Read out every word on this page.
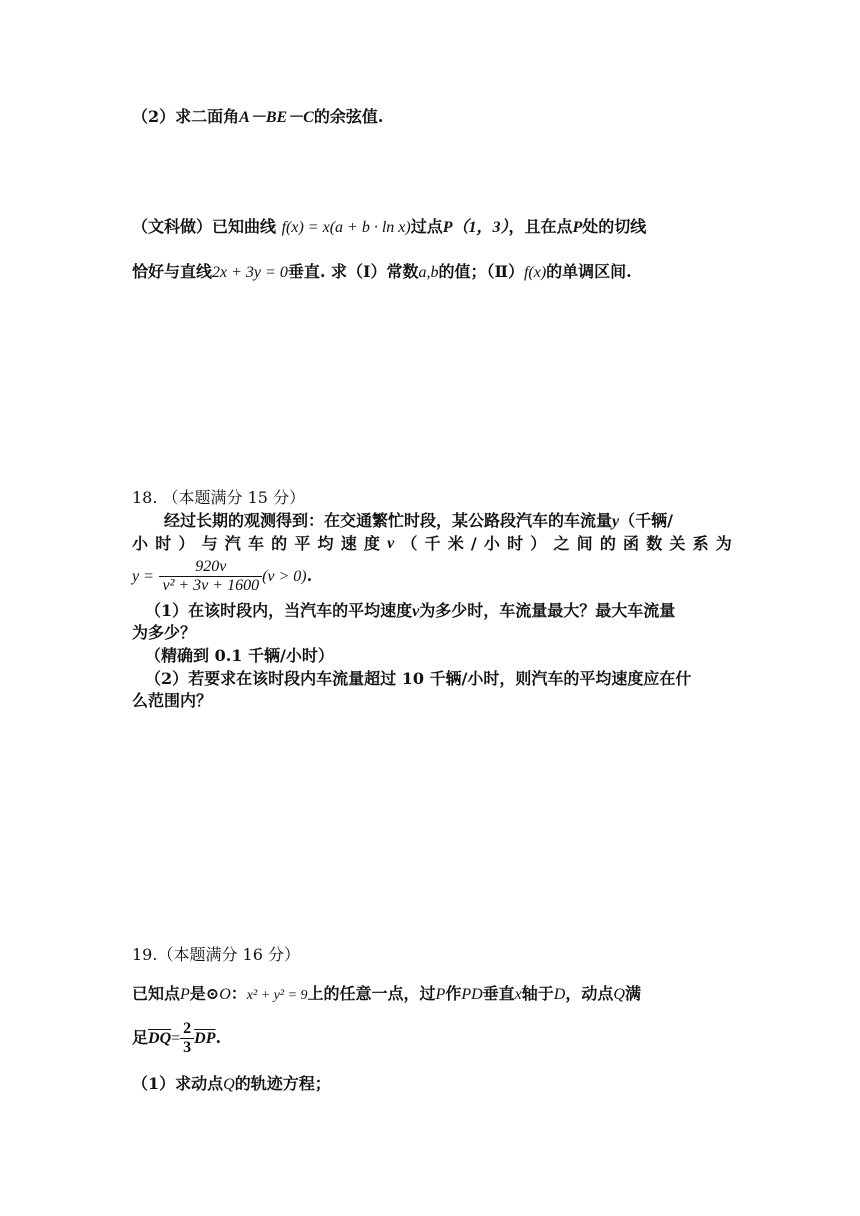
（2）求二面角A－BE－C的余弦值.
（文科做）已知曲线 f(x) = x(a + b · ln x)过点P（1，3），且在点P处的切线
恰好与直线2x + 3y = 0垂直. 求（Ⅰ）常数a,b的值；（Ⅱ）f(x)的单调区间.
18. （本题满分 15 分）
经过长期的观测得到：在交通繁忙时段，某公路段汽车的车流量y（千辆/
小 时 ） 与 汽 车 的 平 均 速 度 v （ 千 米 / 小 时 ） 之 间 的 函 数 关 系 为
$y = \frac{920v}{\text{v² + 3v + 1600}} (v > 0)$.
（1）在该时段内，当汽车的平均速度v为多少时，车流量最大？最大车流量
为多少？
（精确到 0.1 千辆/小时）
（2）若要求在该时段内车流量超过 10 千辆/小时，则汽车的平均速度应在什
么范围内？
19.（本题满分 16 分）
已知点P是⊙O：x² + y² = 9上的任意一点，过P作PD垂直x轴于D，动点Q满
足$\overline{DQ}= \frac{2}{3} \overline{DP}$.
（1）求动点Q的轨迹方程；
